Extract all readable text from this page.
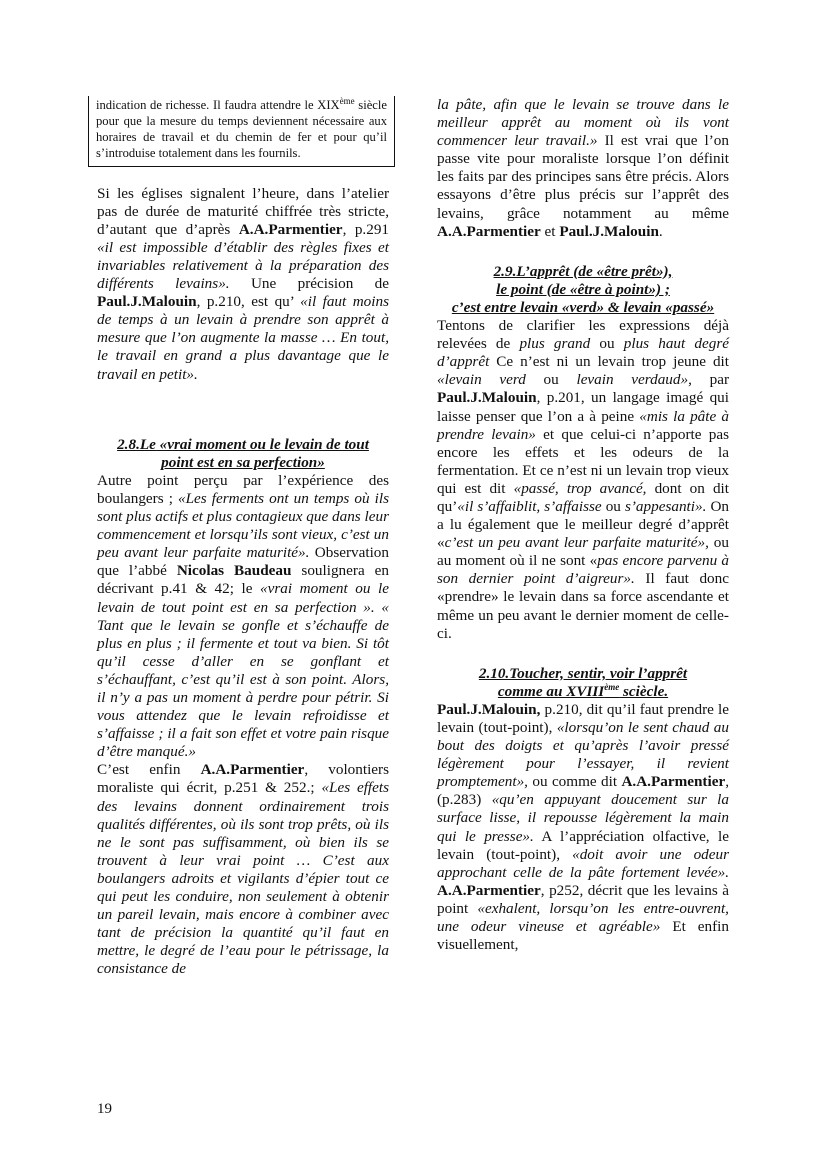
indication de richesse. Il faudra attendre le XIXème siècle pour que la mesure du temps deviennent nécessaire aux horaires de travail et du chemin de fer et pour qu’il s’introduise totalement dans les fournils.

Si les églises signalent l’heure, dans l’atelier pas de durée de maturité chiffrée très stricte, d’autant que d’après A.A.Parmentier, p.291 «il est impossible d’établir des règles fixes et invariables relativement à la préparation des différents levains». Une précision de Paul.J.Malouin, p.210, est qu’ «il faut moins de temps à un levain à prendre son apprêt à mesure que l’on augmente la masse … En tout, le travail en grand a plus davantage que le travail en petit».

2.8.Le «vrai moment ou le levain de tout
point est en sa perfection»

Autre point perçu par l’expérience des boulangers ; «Les ferments ont un temps où ils sont plus actifs et plus contagieux que dans leur commencement et lorsqu’ils sont vieux, c’est un peu avant leur parfaite maturité». Observation que l’abbé Nicolas Baudeau soulignera en décrivant p.41 & 42; le «vrai moment ou le levain de tout point est en sa perfection ». « Tant que le levain se gonfle et s’échauffe de plus en plus ; il fermente et tout va bien. Si tôt qu’il cesse d’aller en se gonflant et s’échauffant, c’est qu’il est à son point. Alors, il n’y a pas un moment à perdre pour pétrir. Si vous attendez que le levain refroidisse et s’affaisse ; il a fait son effet et votre pain risque d’être manqué.»

C’est enfin A.A.Parmentier, volontiers moraliste qui écrit, p.251 & 252.; «Les effets des levains donnent ordinairement trois qualités différentes, où ils sont trop prêts, où ils ne le sont pas suffisamment, où bien ils se trouvent à leur vrai point … C’est aux boulangers adroits et vigilants d’épier tout ce qui peut les conduire, non seulement à obtenir un pareil levain, mais encore à combiner avec tant de précision la quantité qu’il faut en mettre, le degré de l’eau pour le pétrissage, la consistance de

la pâte, afin que le levain se trouve dans le meilleur apprêt au moment où ils vont commencer leur travail.» Il est vrai que l’on passe vite pour moraliste lorsque l’on définit les faits par des principes sans être précis. Alors essayons d’être plus précis sur l’apprêt des levains, grâce notamment au même A.A.Parmentier et Paul.J.Malouin.

2.9.L’apprêt (de «être prêt»),
le point (de «être à point») ;
c’est entre levain «verd» & levain «passé»

Tentons de clarifier les expressions déjà relevées de plus grand ou plus haut degré d’apprêt Ce n’est ni un levain trop jeune dit «levain verd ou levain verdaud», par Paul.J.Malouin, p.201, un langage imagé qui laisse penser que l’on a à peine «mis la pâte à prendre levain» et que celui-ci n’apporte pas encore les effets et les odeurs de la fermentation. Et ce n’est ni un levain trop vieux qui est dit «passé, trop avancé, dont on dit qu’«il s’affaiblit, s’affaisse ou s’appesanti». On a lu également que le meilleur degré d’apprêt «c’est un peu avant leur parfaite maturité», ou au moment où il ne sont «pas encore parvenu à son dernier point d’aigreur». Il faut donc «prendre» le levain dans sa force ascendante et même un peu avant le dernier moment de celle-ci.

2.10.Toucher, sentir, voir l’apprêt
comme au XVIIIème sciècle.

Paul.J.Malouin, p.210, dit qu’il faut prendre le levain (tout-point), «lorsqu’on le sent chaud au bout des doigts et qu’après l’avoir pressé légèrement pour l’essayer, il revient promptement», ou comme dit A.A.Parmentier, (p.283) «qu’en appuyant doucement sur la surface lisse, il repousse légèrement la main qui le presse». A l’appréciation olfactive, le levain (tout-point), «doit avoir une odeur approchant celle de la pâte fortement levée». A.A.Parmentier, p252, décrit que les levains à point «exhalent, lorsqu’on les entre-ouvrent, une odeur vineuse et agréable» Et enfin visuellement,

19
